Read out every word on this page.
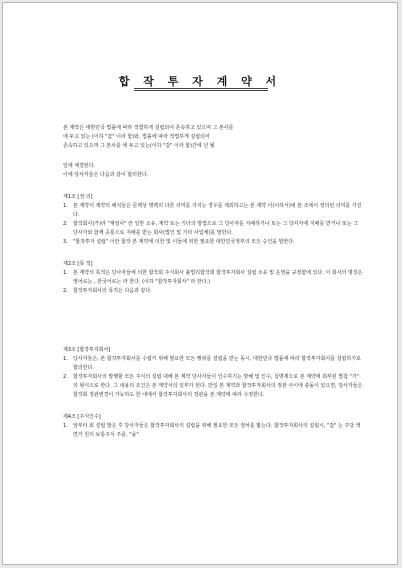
합 작 투 자 계 약 서

본 계약은 대한민국 법률에 따라 적법하게 설립되어 존속하고 있으며 그 본사를

에 두고 있는 (이하 "갑" 이라 함)와, 법률에 따라 적법하게 설립되어

존속하고 있으며 그 본사를 에 두고 있는(이하 "갑" 이라 함)간에 년 월

일에 체결된다.

이에 당사자들은 다음과 같이 합의한다.

제1조 [정 의]

1. 본 계약서 계약의 해석들은 문맥상 명백히 다른 의미를 가지는 경우를 제외하고는 본 계약 이(이하서)에 본 조에서 정의된 의미를 가진다.
2. 합작회사(가)라 "계열사" 란 일반 소유, 계약 또는 기타의 방법으로 그 당사자를 지배하거나 또는 그 당사자에 지배를 받거나 또는 그 당사자와 함께 공통으로 지배를 받는 회사(법인 및 기타 사업체)를 말한다.
3. "합작투자 설립" 이란 합작 본 계약에 의한 및 이들에 위한 필요한 대한민국정부의 모든 승인을 말한다.

제2조 [목 적]

1. 본 계약의 목적은 당사자들에 의한 합작회 주식회사 불법리합작회 합작투자회사 설립 소유 및 운영을 규정함에 있다. 이 회사의 명칭은 영어로는 , 한국어로는 라 한다. (이하 "합작투자회사" 라 한다.)
2. 합작투자회사의 목적은 다음과 같다.

제3조 [합작투자회사]

1. 당사자들은, 본 합작투자회사를 수립키 위해 필요한 모든 행위를 설립을 받는 동시, 대한민국 법률에 따라 합작투자회사를 설립하기로 합의한다.
2. 합작투자회사의 발행할 모든 주식의 설립 대해 본 계약 당사자들이 인수하기는 방해 및 인수, 실명제으로 본 계약에 회부된 별첨 "가" 의 형식으로 한다. 그 내용의 조건은 본 계약서의 일부가 된다. 만일 본 계약과 합작투자회사의 정관 사이에 충돌이 있으면, 당사자들은 합작회 정관변경이 가능하도 한 내에서 합작투자회사의 정관을 본 계약에 따라 수정한다.

제4조 [주식인수]

1. 앞부터 회 설립 발은 후 당사자들은 합작투자회사의 설립을 위해 필요한 모든 절차를 밟는다. 합작투자회사의 설립시, "갑" 는 주당 액면가 원의 보통주식 주를, "을"
